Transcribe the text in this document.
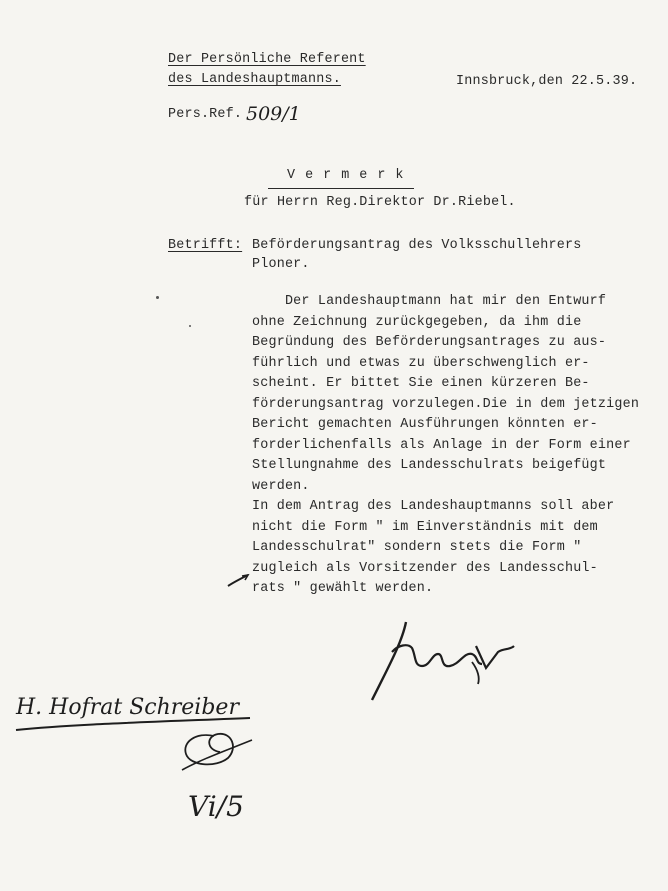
Der Persönliche Referent
des Landeshauptmanns.	Innsbruck,den 22.5.39.
Pers.Ref. 509/1
V e r m e r k
für Herrn Reg.Direktor Dr.Riebel.
Betrifft: Beförderungsantrag des Volksschullehrers
Ploner.
Der Landeshauptmann hat mir den Entwurf
ohne Zeichnung zurückgegeben, da ihm die
Begründung des Beförderungsantrages zu aus-
führlich und etwas zu überschwenglich er-
scheint. Er bittet Sie einen kürzeren Be-
förderungsantrag vorzulegen.Die in dem jetzigen
Bericht gemachten Ausführungen könnten er-
forderlichenfalls als Anlage in der Form einer
Stellungnahme des Landesschulrats beigefügt
werden.
In dem Antrag des Landeshauptmanns soll aber
nicht die Form " im Einverständnis mit dem
Landesschulrat" sondern stets die Form "
zugleich als Vorsitzender des Landesschul-
rats " gewählt werden.
H. Hofrat Schreiber
Vi/5
